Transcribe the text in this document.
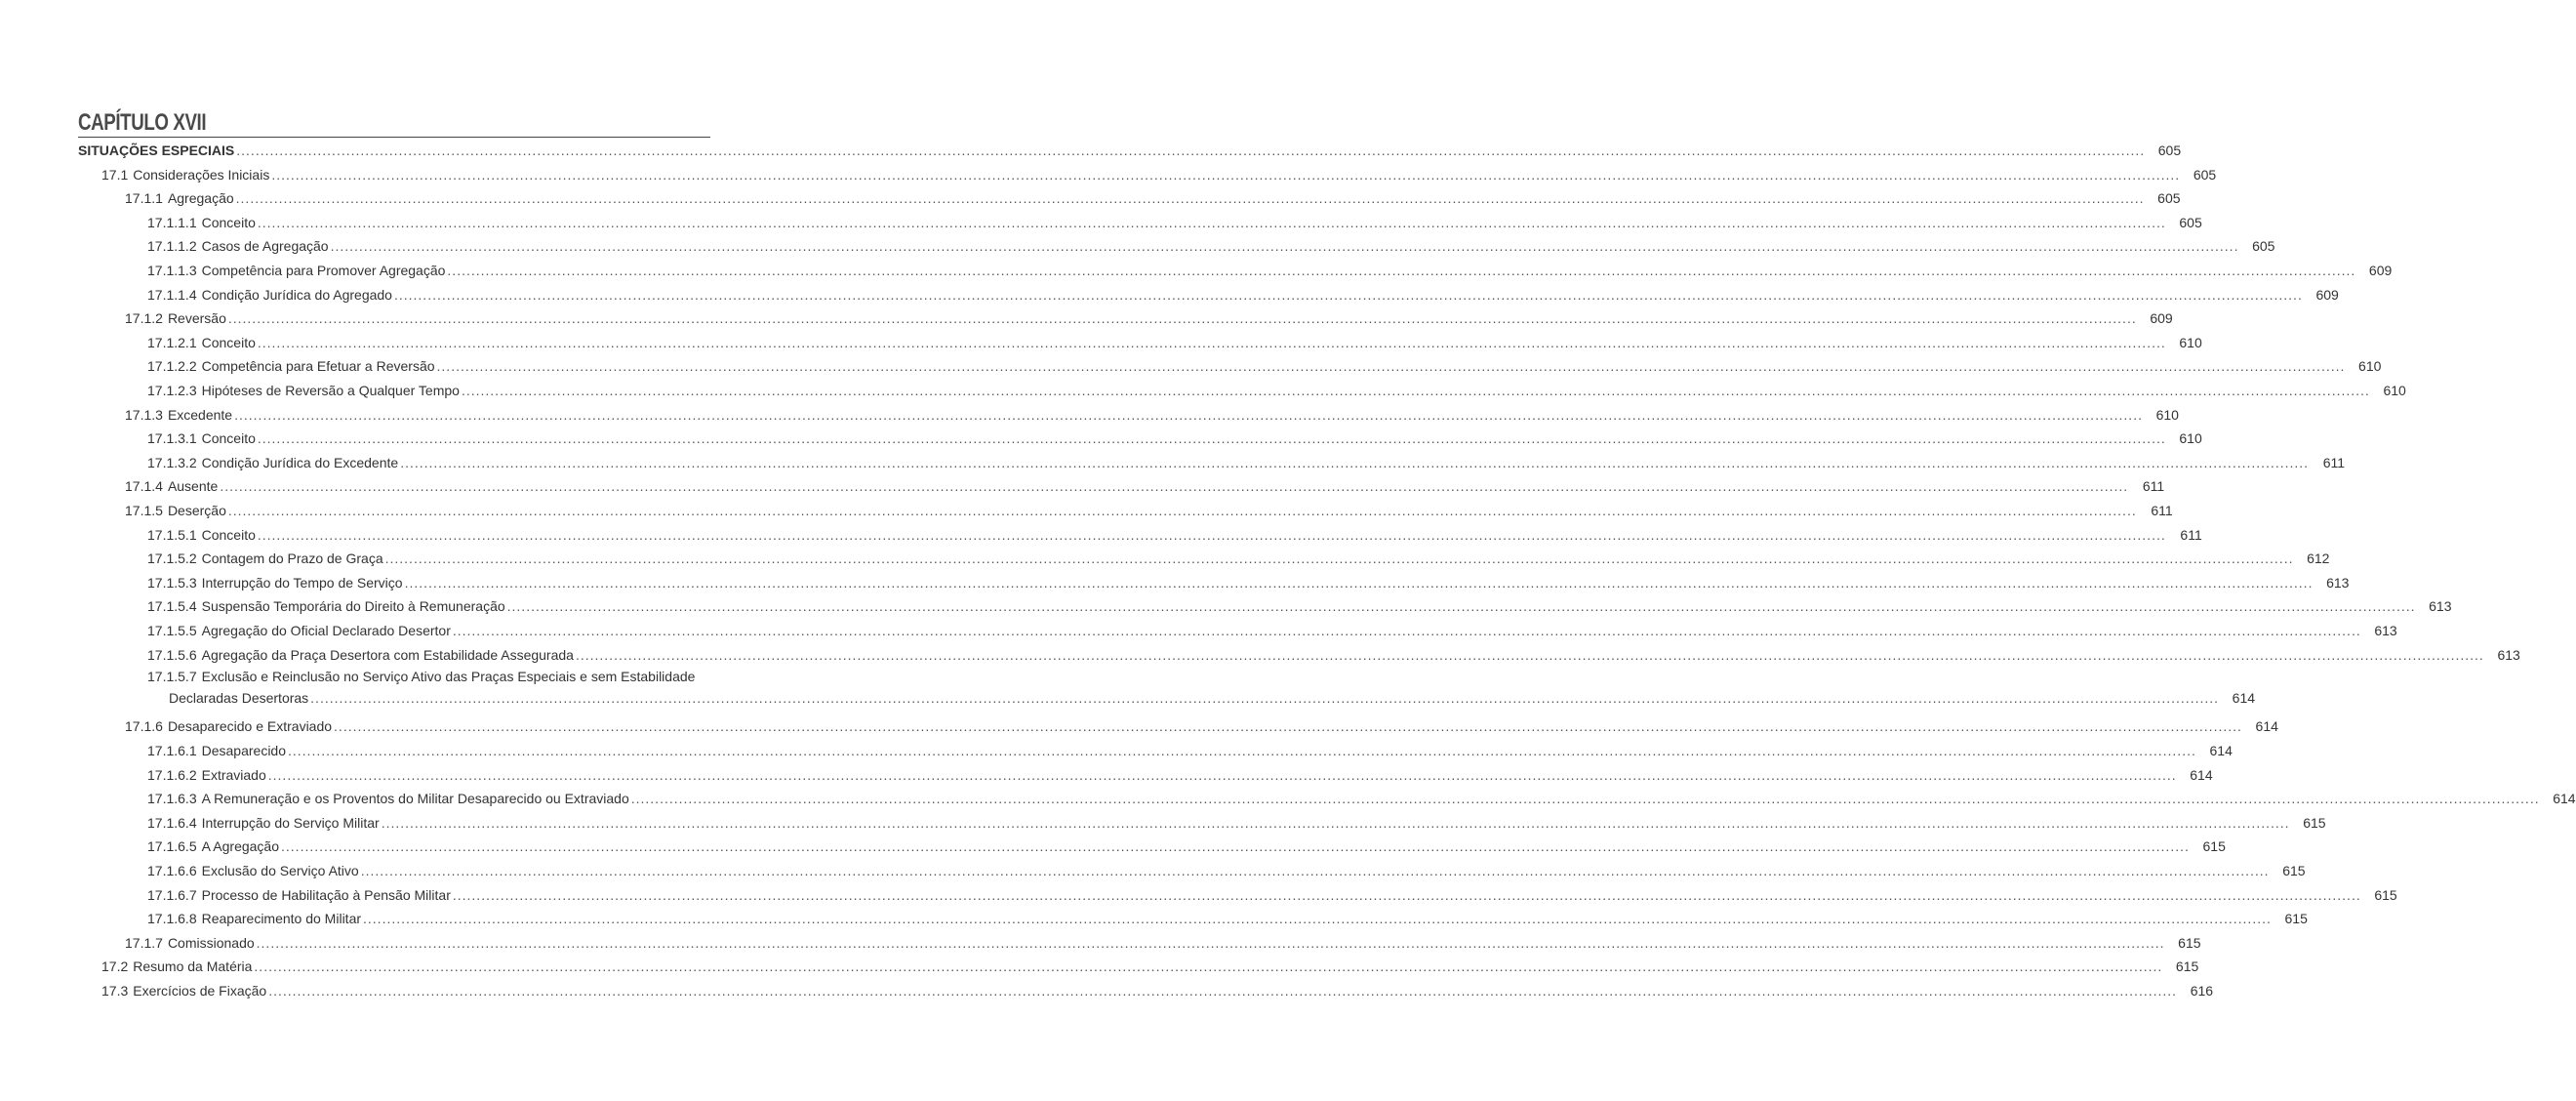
CAPÍTULO XVII
SITUAÇÕES ESPECIAIS ................................................................................................................................................................................................................................................................................................................................................................................................................ 605
17.1 Considerações Iniciais ................................................................................................................................................................................................................................................................................................................................................................................................................ 605
17.1.1 Agregação ................................................................................................................................................................................................................................................................................................................................................................................................................ 605
17.1.1.1 Conceito ................................................................................................................................................................................................................................................................................................................................................................................................................ 605
17.1.1.2 Casos de Agregação ................................................................................................................................................................................................................................................................................................................................................................................................................ 605
17.1.1.3 Competência para Promover Agregação ................................................................................................................................................................................................................................................................................................................................................................................................................ 609
17.1.1.4 Condição Jurídica do Agregado ................................................................................................................................................................................................................................................................................................................................................................................................................ 609
17.1.2 Reversão ................................................................................................................................................................................................................................................................................................................................................................................................................ 609
17.1.2.1 Conceito ................................................................................................................................................................................................................................................................................................................................................................................................................ 610
17.1.2.2 Competência para Efetuar a Reversão ................................................................................................................................................................................................................................................................................................................................................................................................................ 610
17.1.2.3 Hipóteses de Reversão a Qualquer Tempo ................................................................................................................................................................................................................................................................................................................................................................................................................ 610
17.1.3 Excedente ................................................................................................................................................................................................................................................................................................................................................................................................................ 610
17.1.3.1 Conceito ................................................................................................................................................................................................................................................................................................................................................................................................................ 610
17.1.3.2 Condição Jurídica do Excedente ................................................................................................................................................................................................................................................................................................................................................................................................................	611
17.1.4 Ausente ................................................................................................................................................................................................................................................................................................................................................................................................................	611
17.1.5 Deserção ................................................................................................................................................................................................................................................................................................................................................................................................................	611
17.1.5.1 Conceito ................................................................................................................................................................................................................................................................................................................................................................................................................	611
17.1.5.2 Contagem do Prazo de Graça ................................................................................................................................................................................................................................................................................................................................................................................................................ 612
17.1.5.3 Interrupção do Tempo de Serviço ................................................................................................................................................................................................................................................................................................................................................................................................................ 613
17.1.5.4 Suspensão Temporária do Direito à Remuneração ................................................................................................................................................................................................................................................................................................................................................................................................................ 613
17.1.5.5 Agregação do Oficial Declarado Desertor ................................................................................................................................................................................................................................................................................................................................................................................................................ 613
17.1.5.6 Agregação da Praça Desertora com Estabilidade Assegurada ................................................................................................................................................................................................................................................................................................................................................................................................................ 613
17.1.5.7 Exclusão e Reinclusão no Serviço Ativo das Praças Especiais e sem Estabilidade
Declaradas Desertoras ................................................................................................................................................................................................................................................................................................................................................................................................................ 614
17.1.6 Desaparecido e Extraviado ................................................................................................................................................................................................................................................................................................................................................................................................................ 614
17.1.6.1 Desaparecido ................................................................................................................................................................................................................................................................................................................................................................................................................ 614
17.1.6.2 Extraviado ................................................................................................................................................................................................................................................................................................................................................................................................................ 614
17.1.6.3 A Remuneração e os Proventos do Militar Desaparecido ou Extraviado ................................................................................................................................................................................................................................................................................................................................................................................................................ 614
17.1.6.4 Interrupção do Serviço Militar ................................................................................................................................................................................................................................................................................................................................................................................................................ 615
17.1.6.5 A Agregação ................................................................................................................................................................................................................................................................................................................................................................................................................ 615
17.1.6.6 Exclusão do Serviço Ativo ................................................................................................................................................................................................................................................................................................................................................................................................................ 615
17.1.6.7 Processo de Habilitação à Pensão Militar ................................................................................................................................................................................................................................................................................................................................................................................................................ 615
17.1.6.8 Reaparecimento do Militar ................................................................................................................................................................................................................................................................................................................................................................................................................ 615
17.1.7 Comissionado ................................................................................................................................................................................................................................................................................................................................................................................................................ 615
17.2 Resumo da Matéria ................................................................................................................................................................................................................................................................................................................................................................................................................ 615
17.3 Exercícios de Fixação ................................................................................................................................................................................................................................................................................................................................................................................................................ 616
